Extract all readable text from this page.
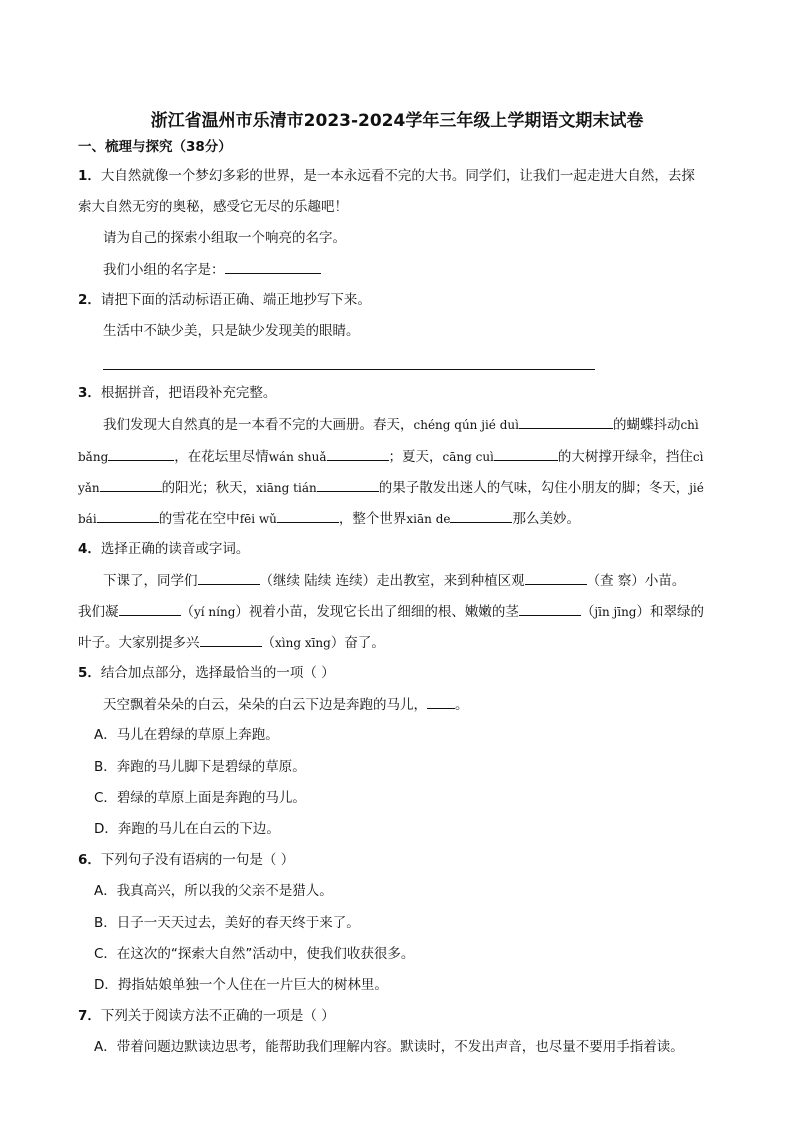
浙江省温州市乐清市2023-2024学年三年级上学期语文期末试卷
一、梳理与探究（38分）
1．大自然就像一个梦幻多彩的世界，是一本永远看不完的大书。同学们，让我们一起走进大自然，去探
索大自然无穷的奥秘，感受它无尽的乐趣吧！
请为自己的探索小组取一个响亮的名字。
我们小组的名字是：
2．请把下面的活动标语正确、端正地抄写下来。
生活中不缺少美，只是缺少发现美的眼睛。
3．根据拼音，把语段补充完整。
我们发现大自然真的是一本看不完的大画册。春天，chéng qún jié duì	的蝴蝶抖动chì
bǎng	，在花坛里尽情wán shuǎ	；夏天，cāng cuì	的大树撑开绿伞，挡住cì
yǎn	的阳光；秋天，xiāng tián	的果子散发出迷人的气味，勾住小朋友的脚；冬天，jié
bái	的雪花在空中fēi wǔ	，整个世界xiān de	那么美妙。
4．选择正确的读音或字词。
下课了，同学们	（继续 陆续 连续）走出教室，来到种植区观	（查 察）小苗。
我们凝	（yí níng）视着小苗，发现它长出了细细的根、嫩嫩的茎	（jīn jīng）和翠绿的
叶子。大家别提多兴	（xìng xīng）奋了。
5．结合加点部分，选择最恰当的一项（ ）
天空飘着朵朵的白云，朵朵的白云下边是奔跑的马儿， 。
A．马儿在碧绿的草原上奔跑。
B．奔跑的马儿脚下是碧绿的草原。
C．碧绿的草原上面是奔跑的马儿。
D．奔跑的马儿在白云的下边。
6．下列句子没有语病的一句是（ ）
A．我真高兴，所以我的父亲不是猎人。
B．日子一天天过去，美好的春天终于来了。
C．在这次的“探索大自然”活动中，使我们收获很多。
D．拇指姑娘单独一个人住在一片巨大的树林里。
7．下列关于阅读方法不正确的一项是（ ）
A．带着问题边默读边思考，能帮助我们理解内容。默读时，不发出声音，也尽量不要用手指着读。
